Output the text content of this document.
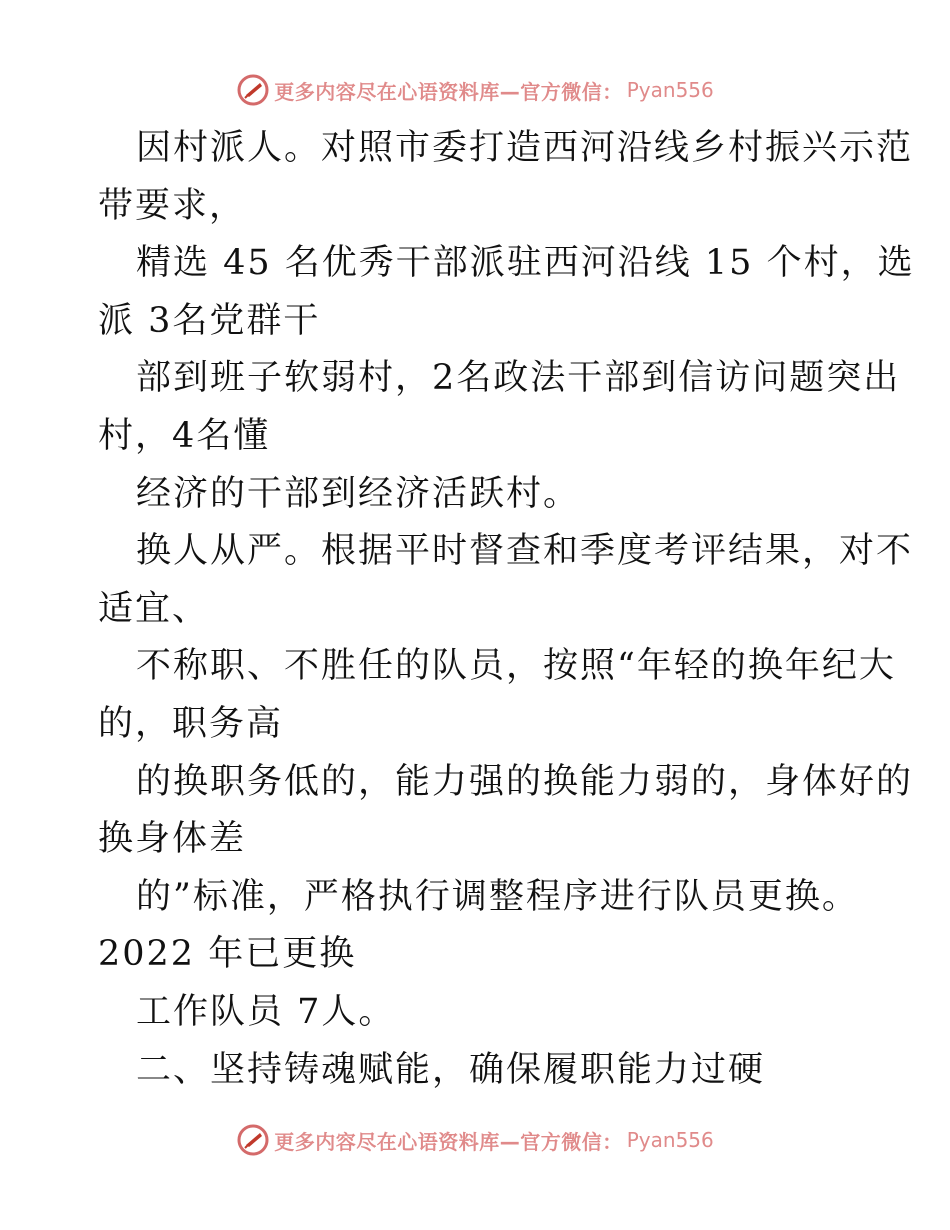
更多内容尽在心语资料库—官方微信： Pyan556
因村派人。对照市委打造西河沿线乡村振兴示范
带要求，
精选 45 名优秀干部派驻西河沿线 15 个村，选
派 3名党群干
部到班子软弱村，2名政法干部到信访问题突出
村，4名懂
经济的干部到经济活跃村。
换人从严。根据平时督查和季度考评结果，对不
适宜、
不称职、不胜任的队员，按照“年轻的换年纪大
的，职务高
的换职务低的，能力强的换能力弱的，身体好的
换身体差
的”标准，严格执行调整程序进行队员更换。
2022 年已更换
工作队员 7人。
二、坚持铸魂赋能，确保履职能力过硬
更多内容尽在心语资料库—官方微信： Pyan556
